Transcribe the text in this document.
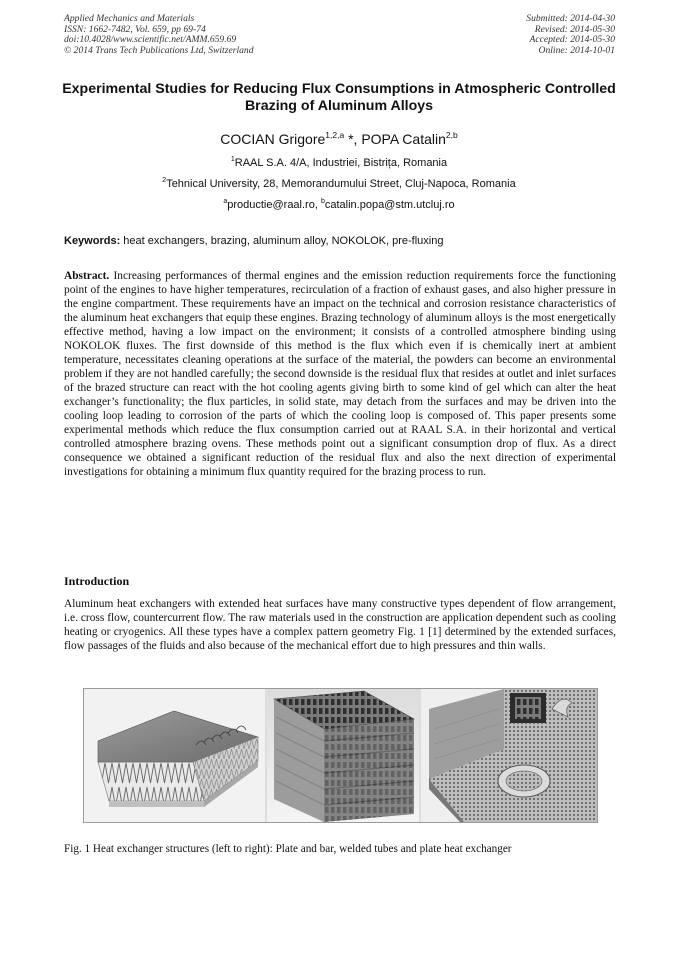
Applied Mechanics and Materials
ISSN: 1662-7482, Vol. 659, pp 69-74
doi:10.4028/www.scientific.net/AMM.659.69
© 2014 Trans Tech Publications Ltd, Switzerland
Submitted: 2014-04-30
Revised: 2014-05-30
Accepted: 2014-05-30
Online: 2014-10-01
Experimental Studies for Reducing Flux Consumptions in Atmospheric Controlled Brazing of Aluminum Alloys
COCIAN Grigore$^{1,2,a}$ *, POPA Catalin$^{2,b}$
$^1$RAAL S.A. 4/A, Industriei, Bistrița, Romania
$^2$Tehnical University, 28, Memorandumului Street, Cluj-Napoca, Romania
$^a$productie@raal.ro, $^b$catalin.popa@stm.utcluj.ro
Keywords: heat exchangers, brazing, aluminum alloy, NOKOLOK, pre-fluxing
Abstract. Increasing performances of thermal engines and the emission reduction requirements force the functioning point of the engines to have higher temperatures, recirculation of a fraction of exhaust gases, and also higher pressure in the engine compartment. These requirements have an impact on the technical and corrosion resistance characteristics of the aluminum heat exchangers that equip these engines. Brazing technology of aluminum alloys is the most energetically effective method, having a low impact on the environment; it consists of a controlled atmosphere binding using NOKOLOK fluxes. The first downside of this method is the flux which even if is chemically inert at ambient temperature, necessitates cleaning operations at the surface of the material, the powders can become an environmental problem if they are not handled carefully; the second downside is the residual flux that resides at outlet and inlet surfaces of the brazed structure can react with the hot cooling agents giving birth to some kind of gel which can alter the heat exchanger’s functionality; the flux particles, in solid state, may detach from the surfaces and may be driven into the cooling loop leading to corrosion of the parts of which the cooling loop is composed of. This paper presents some experimental methods which reduce the flux consumption carried out at RAAL S.A. in their horizontal and vertical controlled atmosphere brazing ovens. These methods point out a significant consumption drop of flux. As a direct consequence we obtained a significant reduction of the residual flux and also the next direction of experimental investigations for obtaining a minimum flux quantity required for the brazing process to run.
Introduction
Aluminum heat exchangers with extended heat surfaces have many constructive types dependent of flow arrangement, i.e. cross flow, countercurrent flow. The raw materials used in the construction are application dependent such as cooling heating or cryogenics. All these types have a complex pattern geometry Fig. 1 [1] determined by the extended surfaces, flow passages of the fluids and also because of the mechanical effort due to high pressures and thin walls.
Fig. 1 Heat exchanger structures (left to right): Plate and bar, welded tubes and plate heat exchanger
